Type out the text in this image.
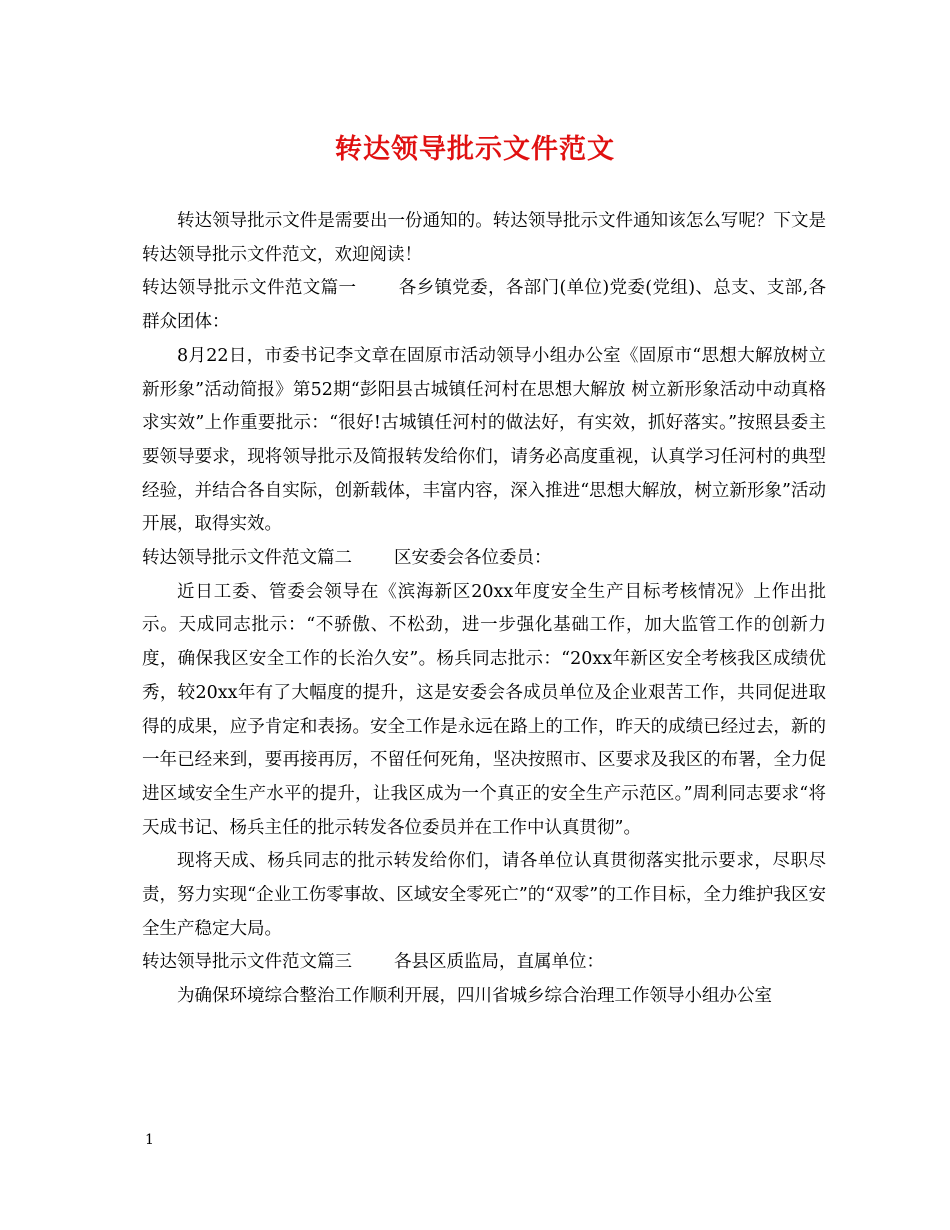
转达领导批示文件范文

转达领导批示文件是需要出一份通知的。转达领导批示文件通知该怎么写呢？下文是转达领导批示文件范文，欢迎阅读！

转达领导批示文件范文篇一 各乡镇党委，各部门(单位)党委(党组)、总支、支部,各群众团体：

8月22日，市委书记李文章在固原市活动领导小组办公室《固原市“思想大解放树立新形象”活动简报》第52期“彭阳县古城镇任河村在思想大解放 树立新形象活动中动真格求实效”上作重要批示：“很好!古城镇任河村的做法好，有实效，抓好落实。”按照县委主要领导要求，现将领导批示及简报转发给你们，请务必高度重视，认真学习任河村的典型经验，并结合各自实际，创新载体，丰富内容，深入推进“思想大解放，树立新形象”活动开展，取得实效。

转达领导批示文件范文篇二 区安委会各位委员：

近日工委、管委会领导在《滨海新区20xx年度安全生产目标考核情况》上作出批示。天成同志批示：“不骄傲、不松劲，进一步强化基础工作，加大监管工作的创新力度，确保我区安全工作的长治久安”。杨兵同志批示：“20xx年新区安全考核我区成绩优秀，较20xx年有了大幅度的提升，这是安委会各成员单位及企业艰苦工作，共同促进取得的成果，应予肯定和表扬。安全工作是永远在路上的工作，昨天的成绩已经过去，新的一年已经来到，要再接再厉，不留任何死角，坚决按照市、区要求及我区的布署，全力促进区域安全生产水平的提升，让我区成为一个真正的安全生产示范区。”周利同志要求“将天成书记、杨兵主任的批示转发各位委员并在工作中认真贯彻”。

现将天成、杨兵同志的批示转发给你们，请各单位认真贯彻落实批示要求，尽职尽责，努力实现“企业工伤零事故、区域安全零死亡”的“双零”的工作目标，全力维护我区安全生产稳定大局。

转达领导批示文件范文篇三 各县区质监局，直属单位：

为确保环境综合整治工作顺利开展，四川省城乡综合治理工作领导小组办公室

1
